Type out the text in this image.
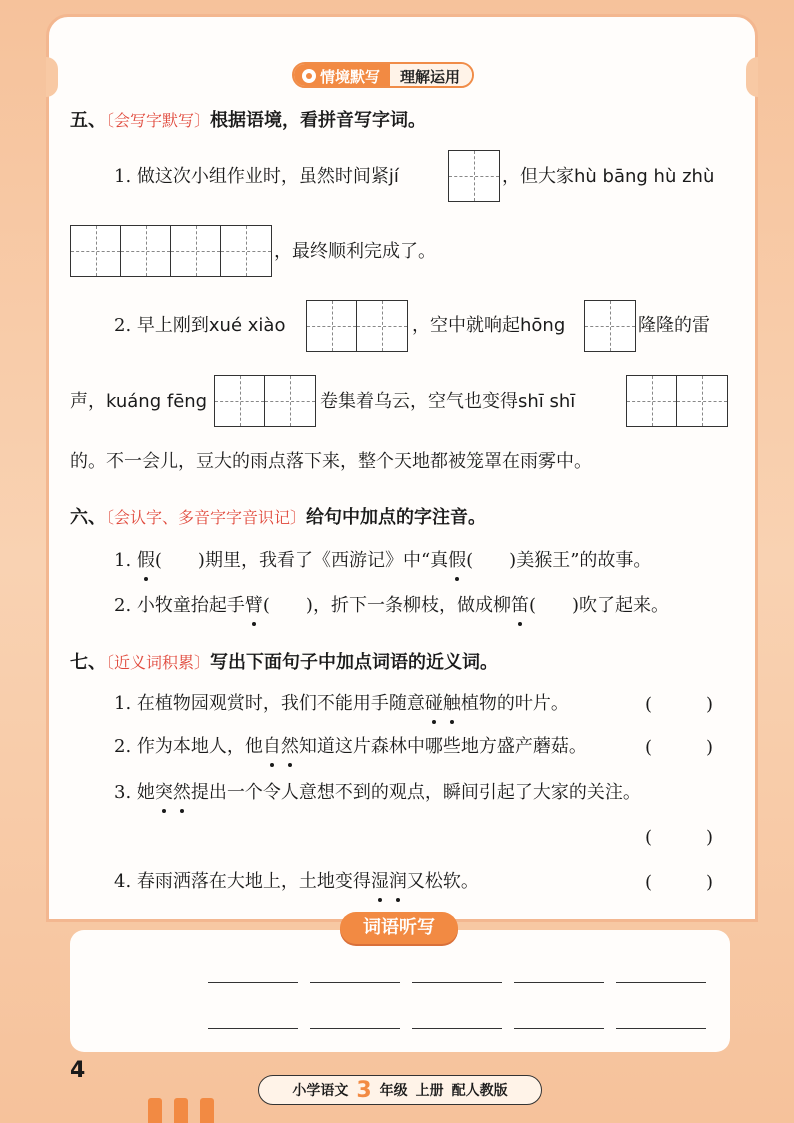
情境默写	理解运用
五、〔会写字默写〕根据语境，看拼音写字词。
1. 做这次小组作业时，虽然时间紧jí	，但大家hù bāng hù zhù
，最终顺利完成了。
2. 早上刚到xué xiào	，空中就响起hōng	隆隆的雷
声，kuáng fēng	卷集着乌云，空气也变得shī shī
的。不一会儿，豆大的雨点落下来，整个天地都被笼罩在雨雾中。
六、〔会认字、多音字字音识记〕给句中加点的字注音。
1. 假(　　)期里，我看了《西游记》中“真假(　　)美猴王”的故事。
2. 小牧童抬起手臂(　　)，折下一条柳枝，做成柳笛(　　)吹了起来。
七、〔近义词积累〕写出下面句子中加点词语的近义词。
1. 在植物园观赏时，我们不能用手随意碰触植物的叶片。	(　　　)
2. 作为本地人，他自然知道这片森林中哪些地方盛产蘑菇。	(　　　)
3. 她突然提出一个令人意想不到的观点，瞬间引起了大家的关注。
(　　　)
4. 春雨洒落在大地上，土地变得湿润又松软。	(　　　)
词语听写
4
小学语文 3 年级 上册 配人教版
